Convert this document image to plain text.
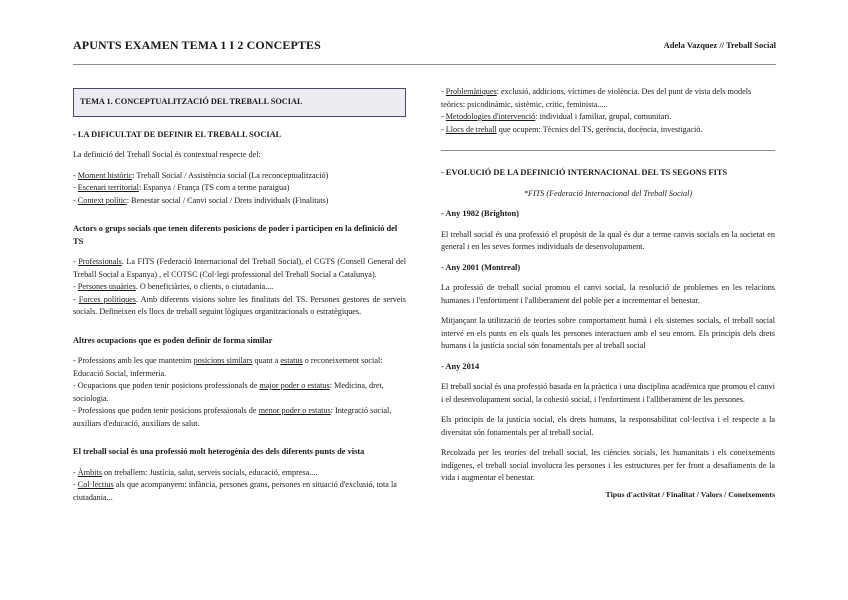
APUNTS EXAMEN TEMA 1 I 2 CONCEPTES	Adela Vazquez // Treball Social
TEMA 1. CONCEPTUALITZACIÓ DEL TREBALL SOCIAL
- LA DIFICULTAT DE DEFINIR EL TREBALL SOCIAL

La definició del Treball Social és contextual respecte del:

- Moment històric: Treball Social / Assistència social (La reconceptualització)
- Escenari territorial: Espanya / França (TS com a terme paraigua)
- Context polític: Benestar social / Canvi social / Drets individuals (Finalitats)
Actors o grups socials que tenen diferents posicions de poder i participen en la definició del TS
- Professionals. La FITS (Federació Internacional del Treball Social), el CGTS (Consell General del Treball Social a Espanya) , el COTSC (Col·legi professional del Treball Social a Catalunya).
- Persones usuàries. O beneficiàries, o clients, o ciutadania....
- Forces polítiques. Amb diferents visions sobre les finalitats del TS. Persones gestores de serveis socials. Defineixen els llocs de treball seguint lògiques organitzacionals o estratègiques.
Altres ocupacions que es poden definir de forma similar
- Professions amb les que mantenim posicions similars quant a estatus o reconeixement social: Educació Social, infermeria.
- Ocupacions que poden tenir posicions professionals de major poder o estatus: Medicina, dret, sociologia.
- Professions que poden tenir posicions professionals de menor poder o estatus: Integració social, auxiliars d'educació, auxiliars de salut.
El treball social és una professió molt heterogènia des dels diferents punts de vista
- Àmbits on treballem: Justícia, salut, serveis socials, educació, empresa....
- Col·lectius als que acompanyem: infància, persones grans, persones en situació d'exclusió, tota la ciutadania...
- Problemàtiques: exclusió, addicions, víctimes de violència. Des del punt de vista dels models teòrics: psicodinàmic, sistèmic, crític, feminista.....
- Metodologies d'intervenció: individual i familiar, grupal, comunitari.
- Llocs de treball que ocupem: Tècnics del TS, gerència, docència, investigació.
- EVOLUCIÓ DE LA DEFINICIÓ INTERNACIONAL DEL TS SEGONS FITS
*FITS (Federació Internacional del Treball Social)
- Any 1982 (Brighton)

El treball social és una professió el propòsit de la qual és dur a terme canvis socials en la societat en general i en les seves formes individuals de desenvolupament.

- Any 2001 (Montreal)

La professió de treball social promou el canvi social, la resolució de problemes en les relacions humanes i l'enfortiment i l'alliberament del poble per a incrementar el benestar.

Mitjançant la utilització de teories sobre comportament humà i els sistemes socials, el treball social intervé en els punts en els quals les persones interactuen amb el seu entorn. Els principis dels drets humans i la justícia social són fonamentals per al treball social

- Any 2014

El treball social és una professió basada en la pràctica i una disciplina acadèmica que promou el canvi i el desenvolupament social, la cohesió social, i l'enfortiment i l'alliberament de les persones.

Els principis de la justícia social, els drets humans, la responsabilitat col·lectiva i el respecte a la diversitat són fonamentals per al treball social.

Recolzada per les teories del treball social, les ciències socials, les humanitats i els coneixements indígenes, el treball social involucra les persones i les estructures per fer front a desafiaments de la vida i augmentar el benestar.

Tipus d'activitat / Finalitat / Valors / Coneixements
